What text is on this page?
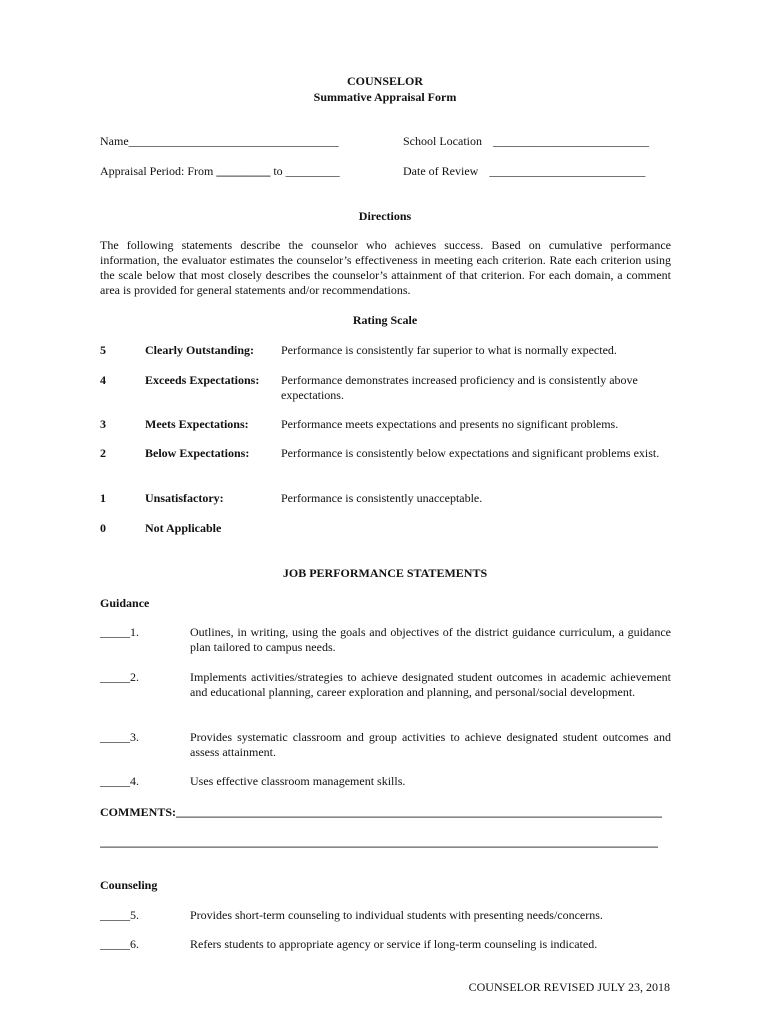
COUNSELOR
Summative Appraisal Form
Name___________________________________	School Location __________________________
Appraisal Period: From _________ to _________	Date of Review __________________________
Directions
The following statements describe the counselor who achieves success. Based on cumulative performance information, the evaluator estimates the counselor’s effectiveness in meeting each criterion. Rate each criterion using the scale below that most closely describes the counselor’s attainment of that criterion. For each domain, a comment area is provided for general statements and/or recommendations.
Rating Scale
5	Clearly Outstanding: Performance is consistently far superior to what is normally expected.
4	Exceeds Expectations: Performance demonstrates increased proficiency and is consistently above expectations.
3	Meets Expectations:	Performance meets expectations and presents no significant problems.
2	Below Expectations:	Performance is consistently below expectations and significant problems exist.
1	Unsatisfactory:	Performance is consistently unacceptable.
0	Not Applicable
JOB PERFORMANCE STATEMENTS
Guidance
_____1.	Outlines, in writing, using the goals and objectives of the district guidance curriculum, a guidance plan tailored to campus needs.
_____2.	Implements activities/strategies to achieve designated student outcomes in academic achievement and educational planning, career exploration and planning, and personal/social development.
_____3.	Provides systematic classroom and group activities to achieve designated student outcomes and assess attainment.
_____4.	Uses effective classroom management skills.
COMMENTS:_________________________________________________________________________________
_____________________________________________________________________________________________
Counseling
_____5.	Provides short-term counseling to individual students with presenting needs/concerns.
_____6.	Refers students to appropriate agency or service if long-term counseling is indicated.
COUNSELOR REVISED JULY 23, 2018
